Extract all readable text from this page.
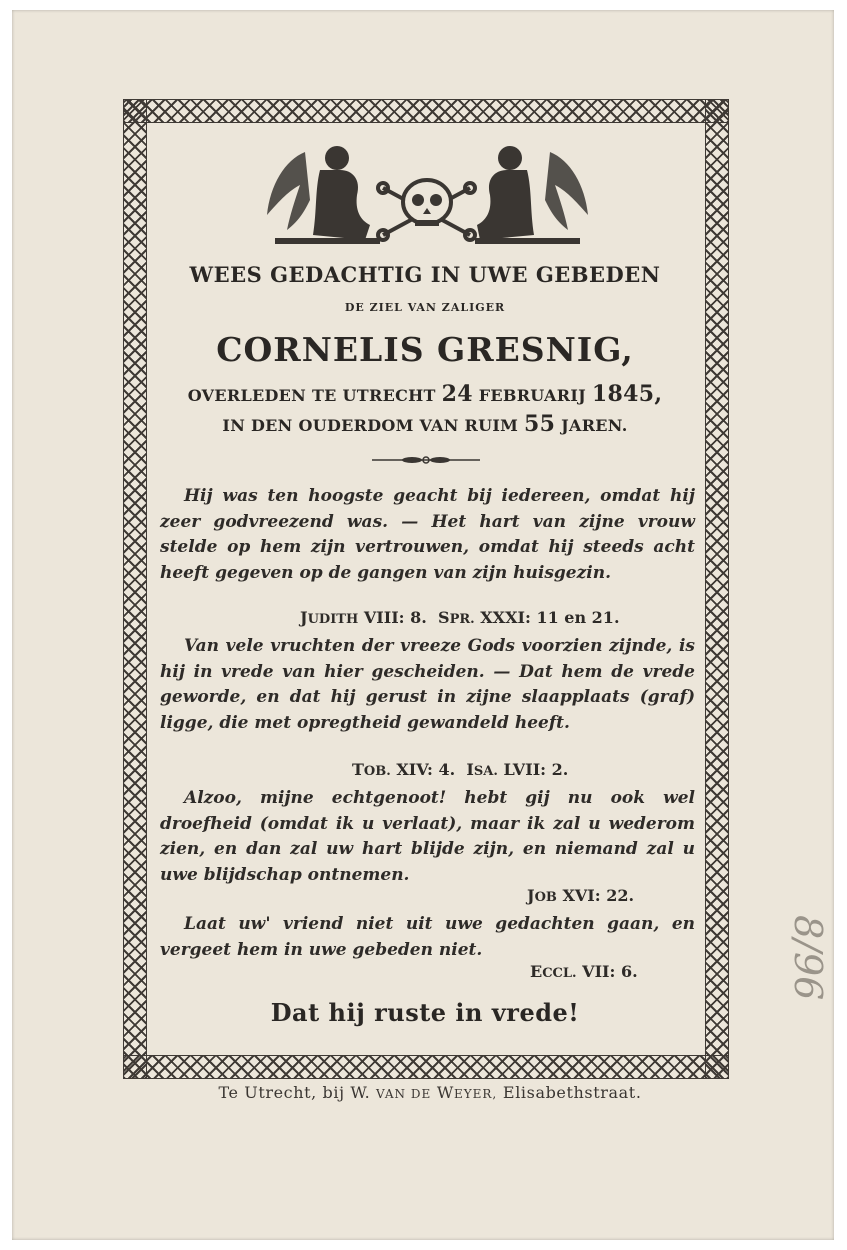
WEES GEDACHTIG IN UWE GEBEDEN
DE ZIEL VAN ZALIGER
CORNELIS GRESNIG,
OVERLEDEN TE UTRECHT 24 FEBRUARIJ 1845,
IN DEN OUDERDOM VAN RUIM 55 JAREN.
Hij was ten hoogste geacht bij iedereen, omdat hij zeer godvreezend was. — Het hart van zijne vrouw stelde op hem zijn vertrouwen, omdat hij steeds acht heeft gegeven op de gangen van zijn huisgezin.
JUDITH VIII: 8. SPR. XXXI: 11 en 21.
Van vele vruchten der vreeze Gods voorzien zijnde, is hij in vrede van hier gescheiden. — Dat hem de vrede geworde, en dat hij gerust in zijne slaapplaats (graf) ligge, die met opregtheid gewandeld heeft.
TOB. XIV: 4. ISA. LVII: 2.
Alzoo, mijne echtgenoot! hebt gij nu ook wel droefheid (omdat ik u verlaat), maar ik zal u wederom zien, en dan zal uw hart blijde zijn, en niemand zal u uwe blijdschap ontnemen.
JOB XVI: 22.
Laat uw' vriend niet uit uwe gedachten gaan, en vergeet hem in uwe gebeden niet.
ECCL. VII: 6.
Dat hij ruste in vrede!
Te Utrecht, bij W. VAN DE WEYER, Elisabethstraat.
8/96
